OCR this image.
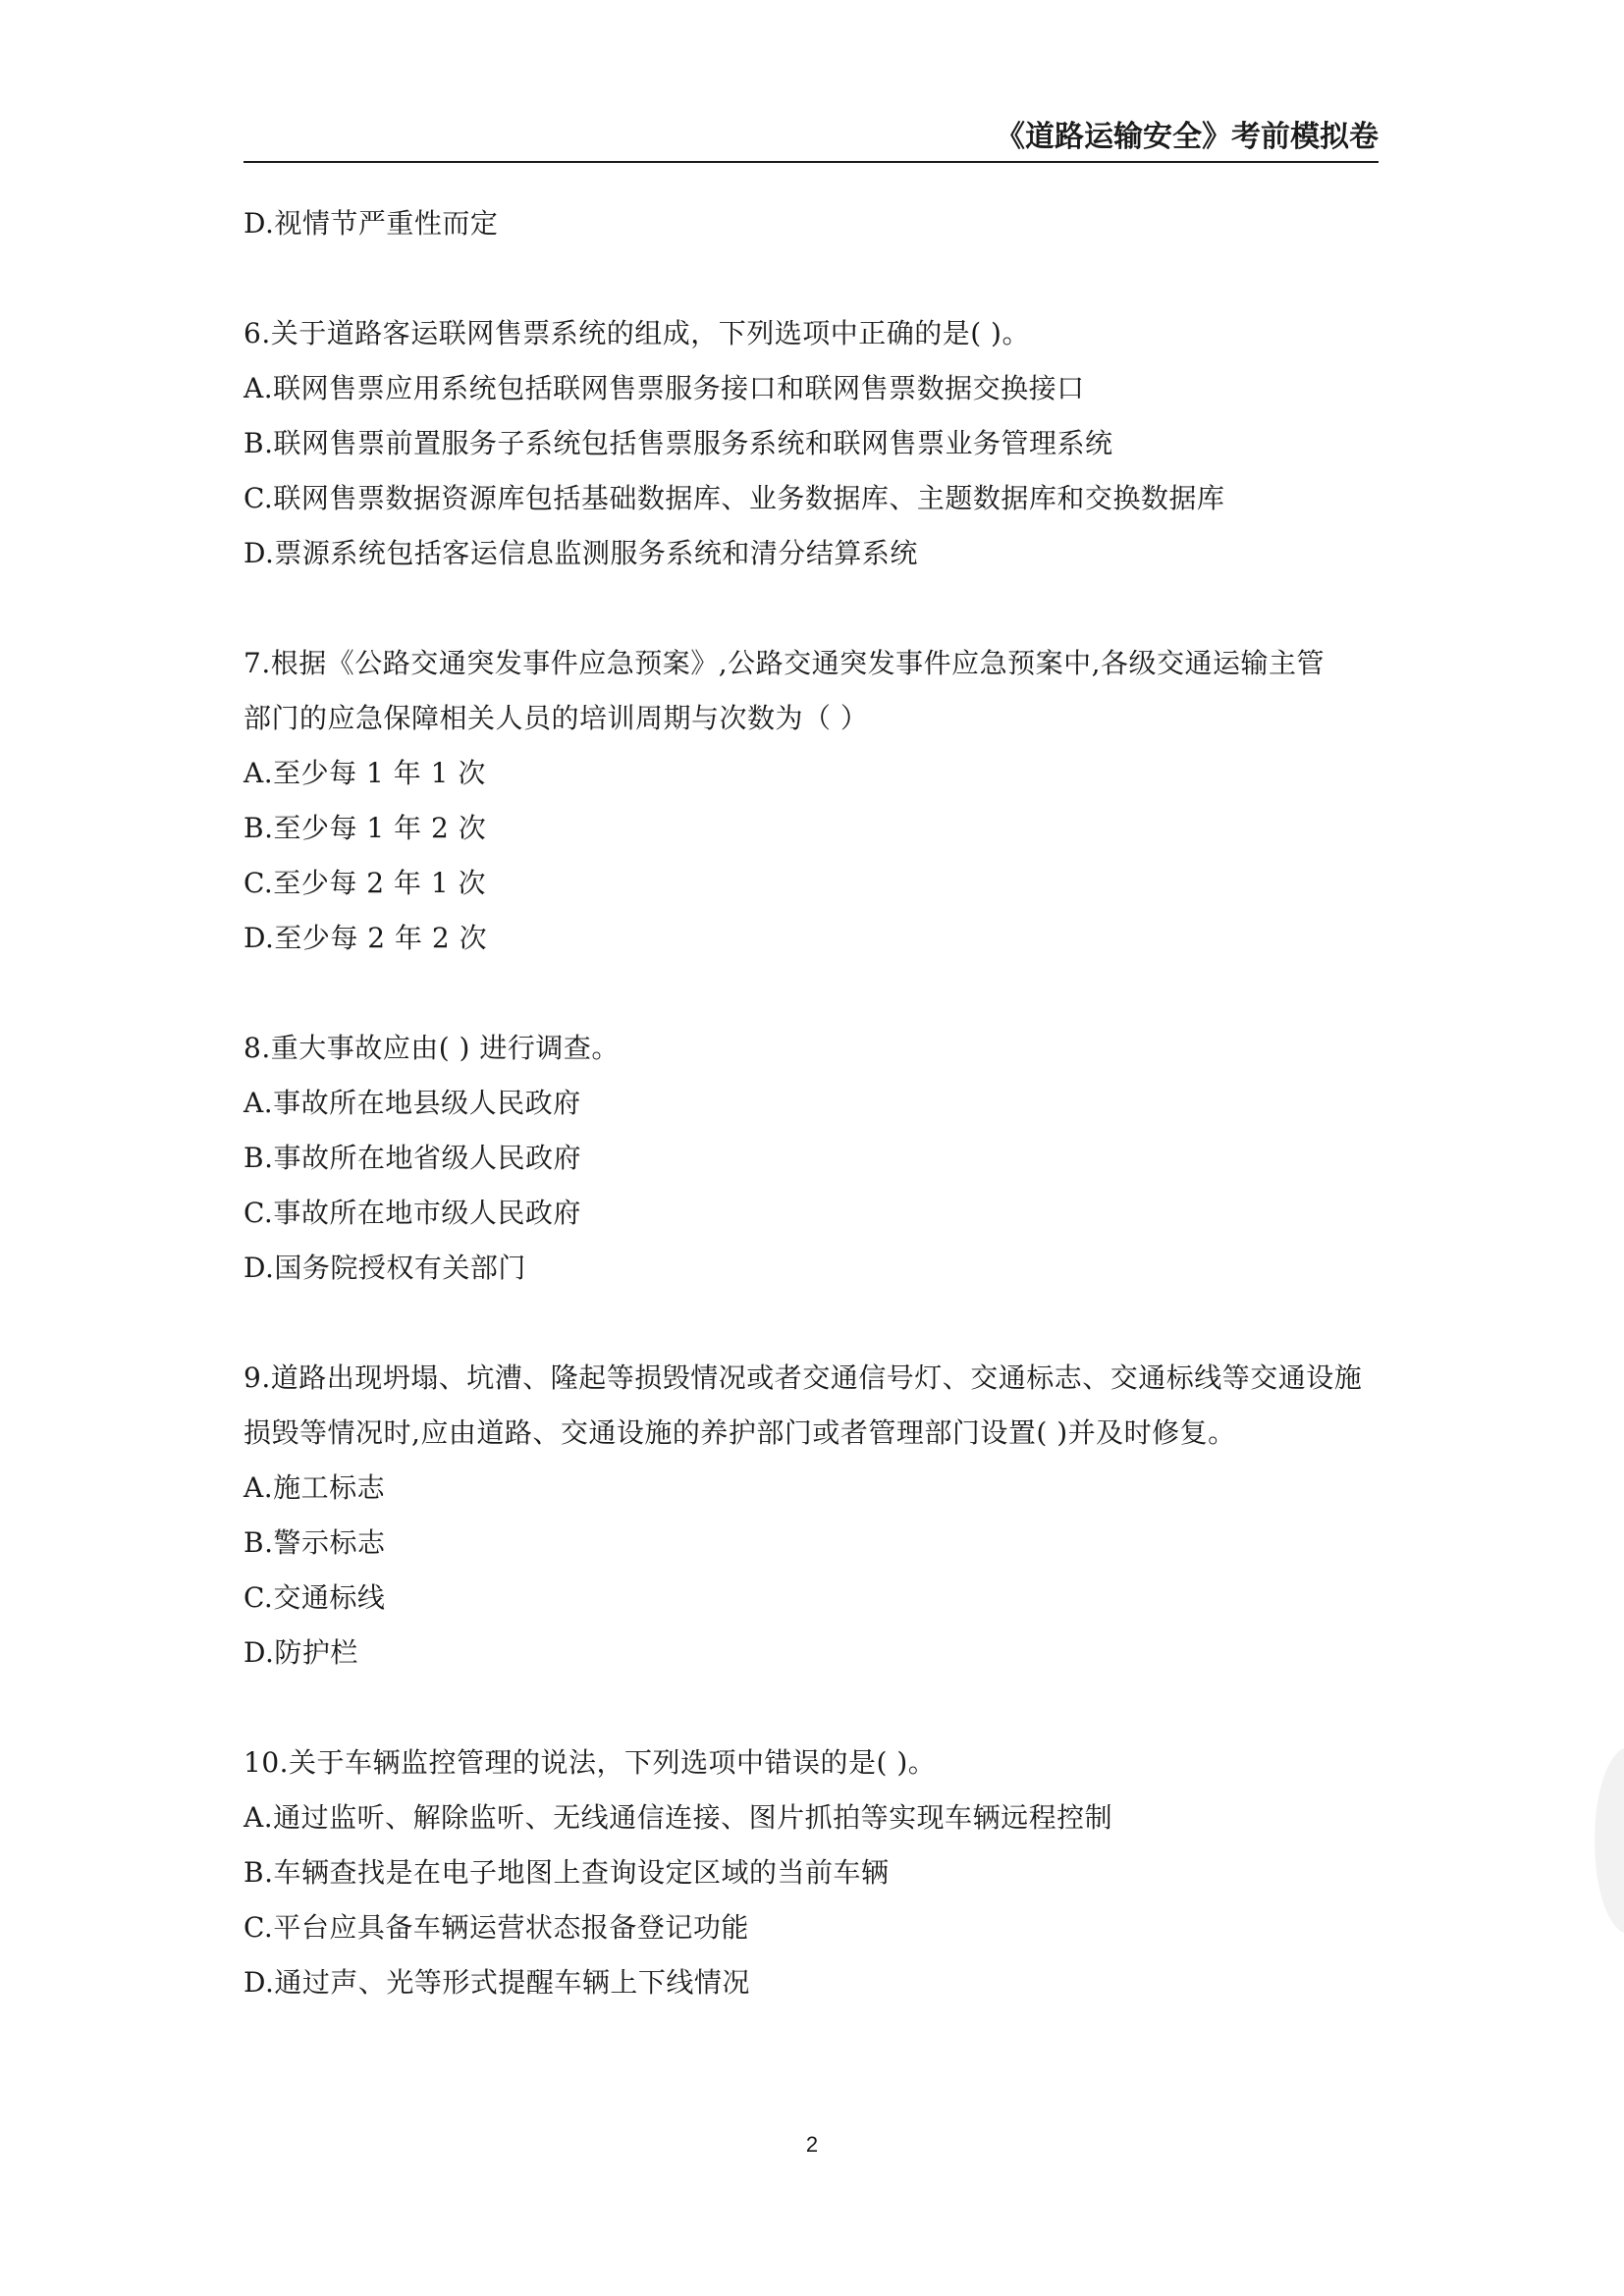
《道路运输安全》考前模拟卷
D.视情节严重性而定
6.关于道路客运联网售票系统的组成，下列选项中正确的是( )。
A.联网售票应用系统包括联网售票服务接口和联网售票数据交换接口
B.联网售票前置服务子系统包括售票服务系统和联网售票业务管理系统
C.联网售票数据资源库包括基础数据库、业务数据库、主题数据库和交换数据库
D.票源系统包括客运信息监测服务系统和清分结算系统
7.根据《公路交通突发事件应急预案》,公路交通突发事件应急预案中,各级交通运输主管
部门的应急保障相关人员的培训周期与次数为（ ）
A.至少每 1 年 1 次
B.至少每 1 年 2 次
C.至少每 2 年 1 次
D.至少每 2 年 2 次
8.重大事故应由( ) 进行调查。
A.事故所在地县级人民政府
B.事故所在地省级人民政府
C.事故所在地市级人民政府
D.国务院授权有关部门
9.道路出现坍塌、坑漕、隆起等损毁情况或者交通信号灯、交通标志、交通标线等交通设施
损毁等情况时,应由道路、交通设施的养护部门或者管理部门设置( )并及时修复。
A.施工标志
B.警示标志
C.交通标线
D.防护栏
10.关于车辆监控管理的说法，下列选项中错误的是( )。
A.通过监听、解除监听、无线通信连接、图片抓拍等实现车辆远程控制
B.车辆查找是在电子地图上查询设定区域的当前车辆
C.平台应具备车辆运营状态报备登记功能
D.通过声、光等形式提醒车辆上下线情况
2
